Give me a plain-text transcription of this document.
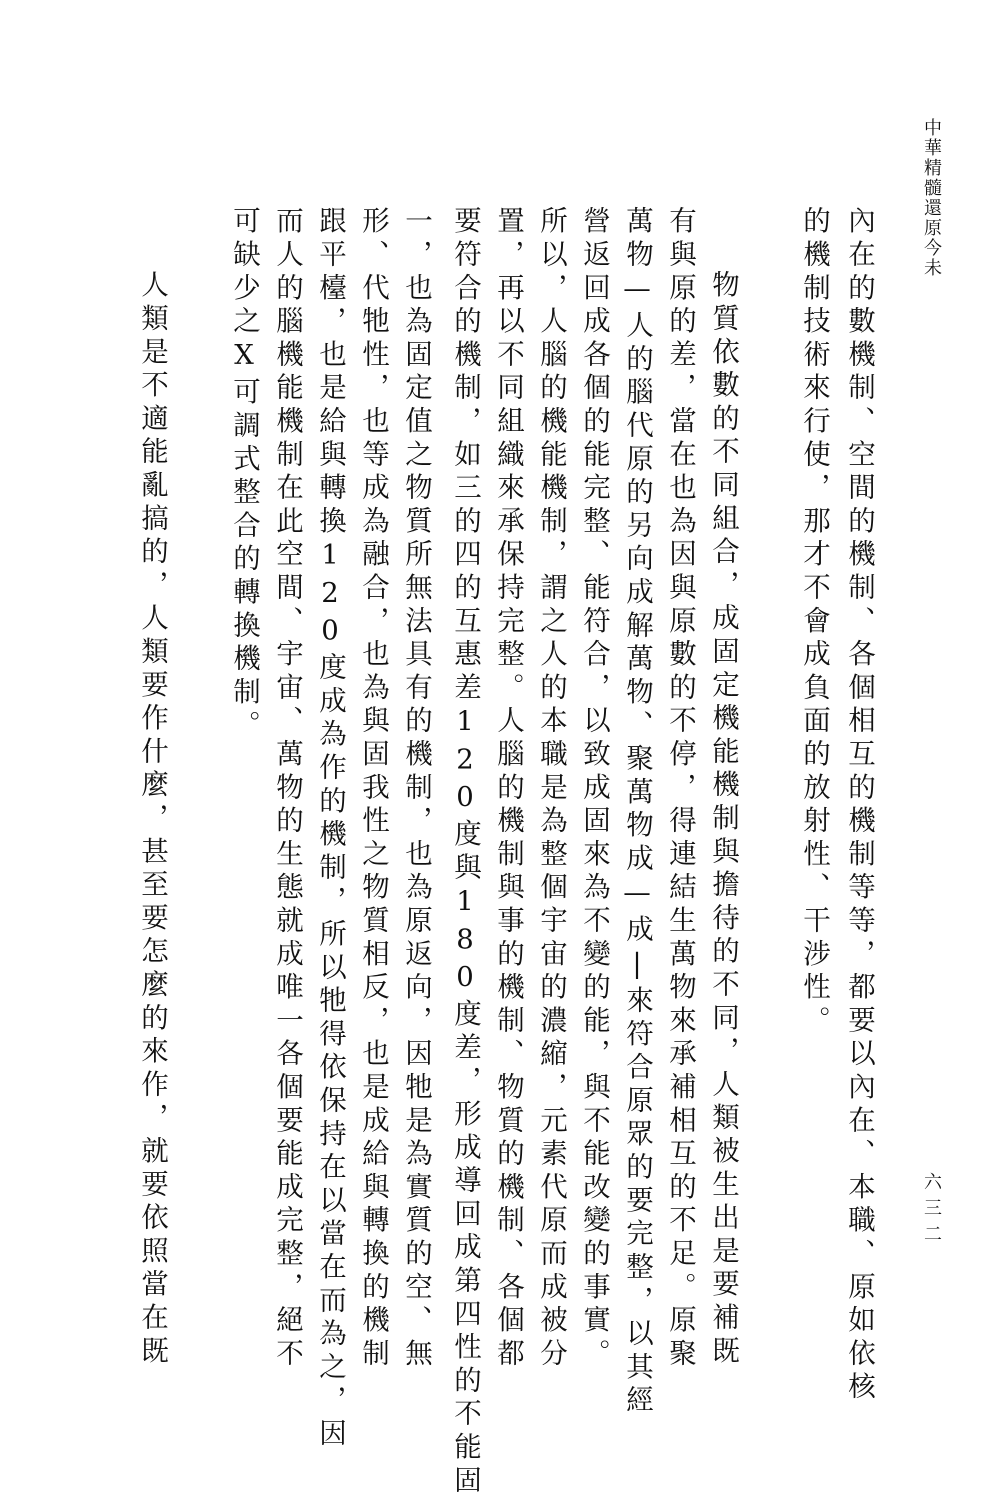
中華精髓還原今未
六三二

內在的數機制、空間的機制、各個相互的機制等等，都要以內在、本職、原如依核

的機制技術來行使，那才不會成負面的放射性、干涉性。

物質依數的不同組合，成固定機能機制與擔待的不同，人類被生出是要補既

有與原的差，當在也為因與原數的不停，得連結生萬物來承補相互的不足。原聚

萬物—人的腦代原的另向成解萬物、聚萬物成—成|來符合原眾的要完整，以其經

營返回成各個的能完整、能符合，以致成固來為不變的能，與不能改變的事實。

所以，人腦的機能機制，謂之人的本職是為整個宇宙的濃縮，元素代原而成被分

置，再以不同組織來承保持完整。人腦的機制與事的機制、物質的機制、各個都

要符合的機制，如三的四的互惠差120度與180度差，形成導回成第四性的不能固

一，也為固定值之物質所無法具有的機制，也為原返向，因牠是為實質的空、無

形、代牠性，也等成為融合，也為與固我性之物質相反，也是成給與轉換的機制

跟平檯，也是給與轉換120度成為作的機制，所以牠得依保持在以當在而為之，因

而人的腦機能機制在此空間、宇宙、萬物的生態就成唯一各個要能成完整，絕不

可缺少之X可調式整合的轉換機制。

人類是不適能亂搞的，人類要作什麼，甚至要怎麼的來作，就要依照當在既
